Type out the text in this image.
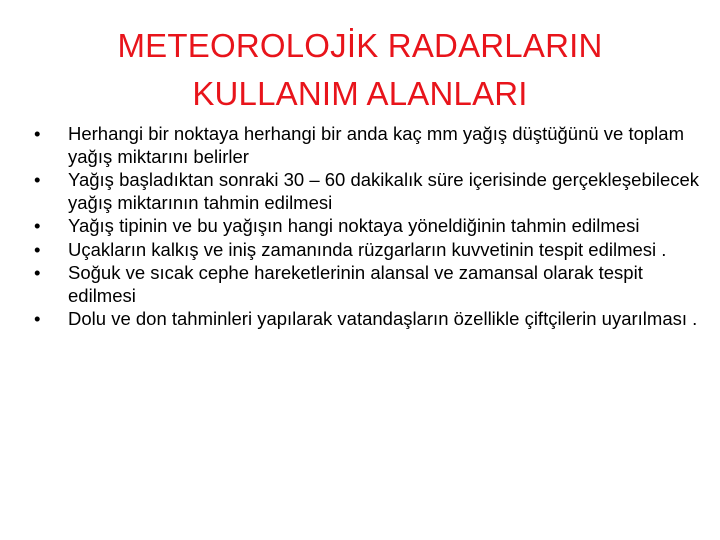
METEOROLOJİK RADARLARIN
KULLANIM ALANLARI
•	Herhangi bir noktaya herhangi bir anda kaç mm yağış düştüğünü ve toplam yağış miktarını belirler
•	Yağış başladıktan sonraki 30 – 60 dakikalık süre içerisinde gerçekleşebilecek yağış miktarının tahmin edilmesi
•	Yağış tipinin ve bu yağışın hangi noktaya yöneldiğinin tahmin edilmesi
•	Uçakların kalkış ve iniş zamanında rüzgarların kuvvetinin tespit edilmesi .
•	Soğuk ve sıcak cephe hareketlerinin alansal ve zamansal olarak tespit edilmesi
•	Dolu ve don tahminleri yapılarak vatandaşların özellikle çiftçilerin uyarılması .
